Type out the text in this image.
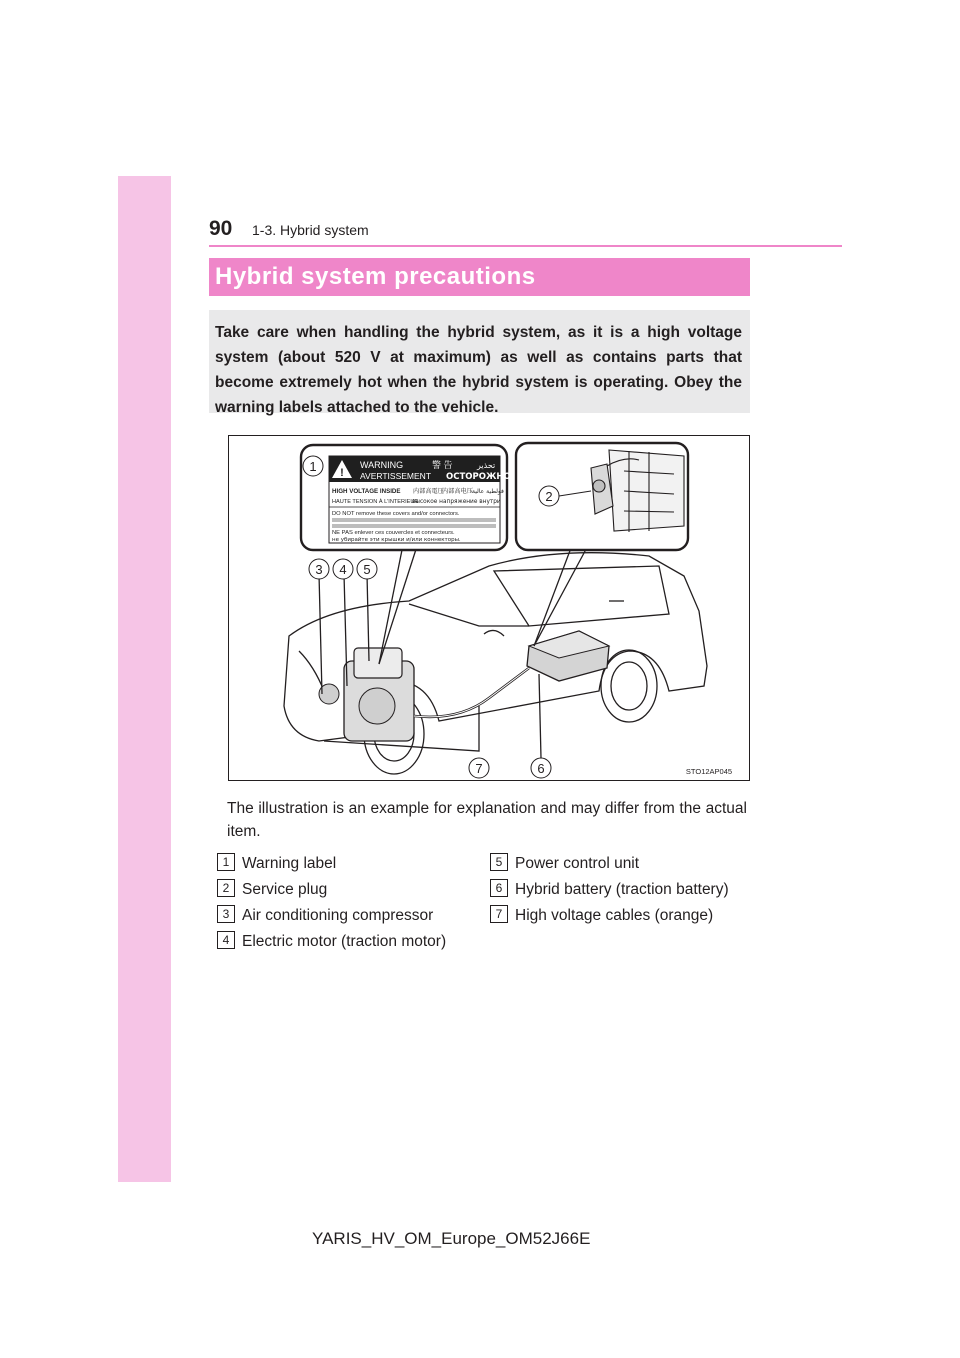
90 1-3. Hybrid system
Hybrid system precautions
Take care when handling the hybrid system, as it is a high voltage system (about 520 V at maximum) as well as contains parts that become extremely hot when the hybrid system is operating. Obey the warning labels attached to the vehicle.
!
WARNING	警 告	تحذير
AVERTISSEMENT ОСТОРОЖНО
HIGH VOLTAGE INSIDE 内部高電圧
内部高电压 فولطية عالية
HAUTE TENSION À L'INTERIEUR
высокое напряжение внутри
DO NOT remove these covers and/or connectors.
NE PAS enlever ces couvercles et connecteurs.
не убирайте эти крышки и/или коннекторы.
1
2
3 4 5
6
7	STO12AP045
The illustration is an example for explanation and may differ from the actual item.
1 Warning label
2 Service plug
3 Air conditioning compressor
4 Electric motor (traction motor)
5 Power control unit
6 Hybrid battery (traction battery)
7 High voltage cables (orange)
YARIS_HV_OM_Europe_OM52J66E
